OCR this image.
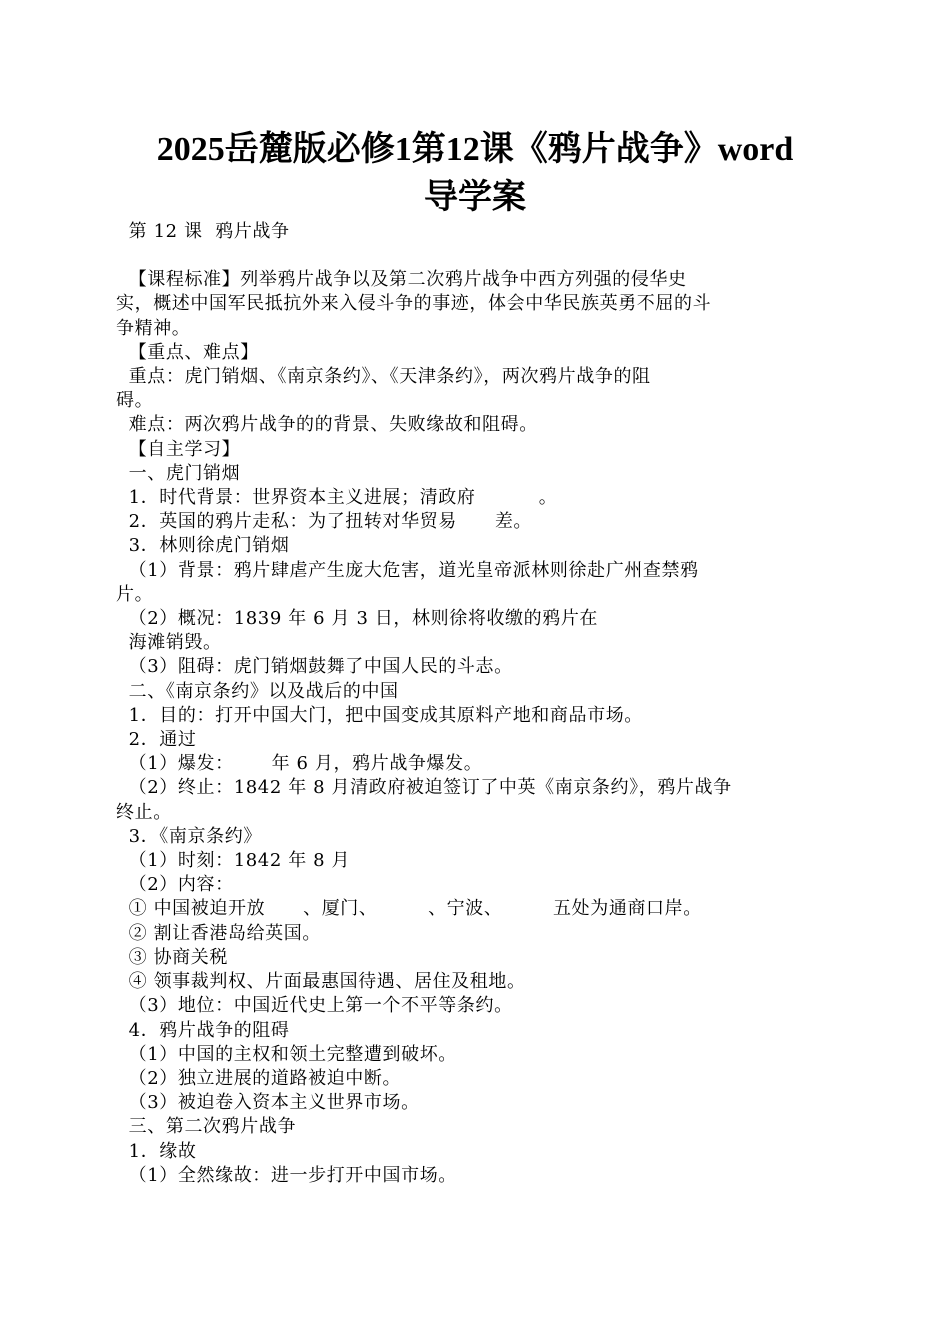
2025岳麓版必修1第12课《鸦片战争》word
导学案
第 12 课  鸦片战争
【课程标准】列举鸦片战争以及第二次鸦片战争中西方列强的侵华史
实，概述中国军民抵抗外来入侵斗争的事迹，体会中华民族英勇不屈的斗
争精神。
【重点、难点】
重点：虎门销烟、《南京条约》、《天津条约》，两次鸦片战争的阻
碍。
难点：两次鸦片战争的的背景、失败缘故和阻碍。
【自主学习】
一、虎门销烟
1．时代背景：世界资本主义进展；清政府          。
2．英国的鸦片走私：为了扭转对华贸易      差。
3．林则徐虎门销烟
（1）背景：鸦片肆虐产生庞大危害，道光皇帝派林则徐赴广州查禁鸦
片。
（2）概况：1839 年 6 月 3 日，林则徐将收缴的鸦片在
海滩销毁。
（3）阻碍：虎门销烟鼓舞了中国人民的斗志。
二、《南京条约》以及战后的中国
1．目的：打开中国大门，把中国变成其原料产地和商品市场。
2．通过
（1）爆发：      年 6 月，鸦片战争爆发。
（2）终止：1842 年 8 月清政府被迫签订了中英《南京条约》，鸦片战争
终止。
3．《南京条约》
（1）时刻：1842 年 8 月
（2）内容：
① 中国被迫开放      、厦门、        、宁波、        五处为通商口岸。
② 割让香港岛给英国。
③ 协商关税
④ 领事裁判权、片面最惠国待遇、居住及租地。
（3）地位：中国近代史上第一个不平等条约。
4．鸦片战争的阻碍
（1）中国的主权和领土完整遭到破坏。
（2）独立进展的道路被迫中断。
（3）被迫卷入资本主义世界市场。
三、第二次鸦片战争
1．缘故
（1）全然缘故：进一步打开中国市场。
